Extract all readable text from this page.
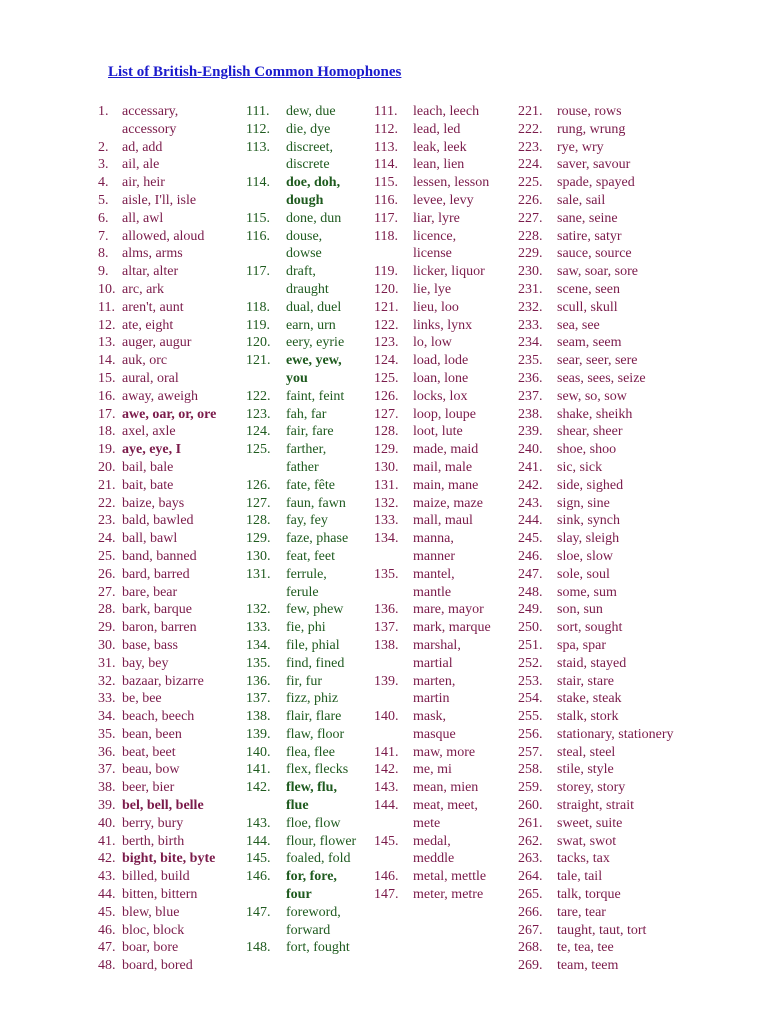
List of British-English Common Homophones
1. accessary, accessory
2. ad, add
3. ail, ale
4. air, heir
5. aisle, I'll, isle
6. all, awl
7. allowed, aloud
8. alms, arms
9. altar, alter
10. arc, ark
11. aren't, aunt
12. ate, eight
13. auger, augur
14. auk, orc
15. aural, oral
16. away, aweigh
17. awe, oar, or, ore
18. axel, axle
19. aye, eye, I
20. bail, bale
21. bait, bate
22. baize, bays
23. bald, bawled
24. ball, bawl
25. band, banned
26. bard, barred
27. bare, bear
28. bark, barque
29. baron, barren
30. base, bass
31. bay, bey
32. bazaar, bizarre
33. be, bee
34. beach, beech
35. bean, been
36. beat, beet
37. beau, bow
38. beer, bier
39. bel, bell, belle
40. berry, bury
41. berth, birth
42. bight, bite, byte
43. billed, build
44. bitten, bittern
45. blew, blue
46. bloc, block
47. boar, bore
48. board, bored
111. dew, due
112. die, dye
113. discreet, discrete
114. doe, doh, dough
115. done, dun
116. douse, dowse
117. draft, draught
118. dual, duel
119. earn, urn
120. eery, eyrie
121. ewe, yew, you
122. faint, feint
123. fah, far
124. fair, fare
125. farther, father
126. fate, fête
127. faun, fawn
128. fay, fey
129. faze, phase
130. feat, feet
131. ferrule, ferule
132. few, phew
133. fie, phi
134. file, phial
135. find, fined
136. fir, fur
137. fizz, phiz
138. flair, flare
139. flaw, floor
140. flea, flee
141. flex, flecks
142. flew, flu, flue
143. floe, flow
144. flour, flower
145. foaled, fold
146. for, fore, four
147. foreword, forward
148. fort, fought
111. leach, leech
112. lead, led
113. leak, leek
114. lean, lien
115. lessen, lesson
116. levee, levy
117. liar, lyre
118. licence, license
119. licker, liquor
120. lie, lye
121. lieu, loo
122. links, lynx
123. lo, low
124. load, lode
125. loan, lone
126. locks, lox
127. loop, loupe
128. loot, lute
129. made, maid
130. mail, male
131. main, mane
132. maize, maze
133. mall, maul
134. manna, manner
135. mantel, mantle
136. mare, mayor
137. mark, marque
138. marshal, martial
139. marten, martin
140. mask, masque
141. maw, more
142. me, mi
143. mean, mien
144. meat, meet, mete
145. medal, meddle
146. metal, mettle
147. meter, metre
221. rouse, rows
222. rung, wrung
223. rye, wry
224. saver, savour
225. spade, spayed
226. sale, sail
227. sane, seine
228. satire, satyr
229. sauce, source
230. saw, soar, sore
231. scene, seen
232. scull, skull
233. sea, see
234. seam, seem
235. sear, seer, sere
236. seas, sees, seize
237. sew, so, sow
238. shake, sheikh
239. shear, sheer
240. shoe, shoo
241. sic, sick
242. side, sighed
243. sign, sine
244. sink, synch
245. slay, sleigh
246. sloe, slow
247. sole, soul
248. some, sum
249. son, sun
250. sort, sought
251. spa, spar
252. staid, stayed
253. stair, stare
254. stake, steak
255. stalk, stork
256. stationary, stationery
257. steal, steel
258. stile, style
259. storey, story
260. straight, strait
261. sweet, suite
262. swat, swot
263. tacks, tax
264. tale, tail
265. talk, torque
266. tare, tear
267. taught, taut, tort
268. te, tea, tee
269. team, teem
